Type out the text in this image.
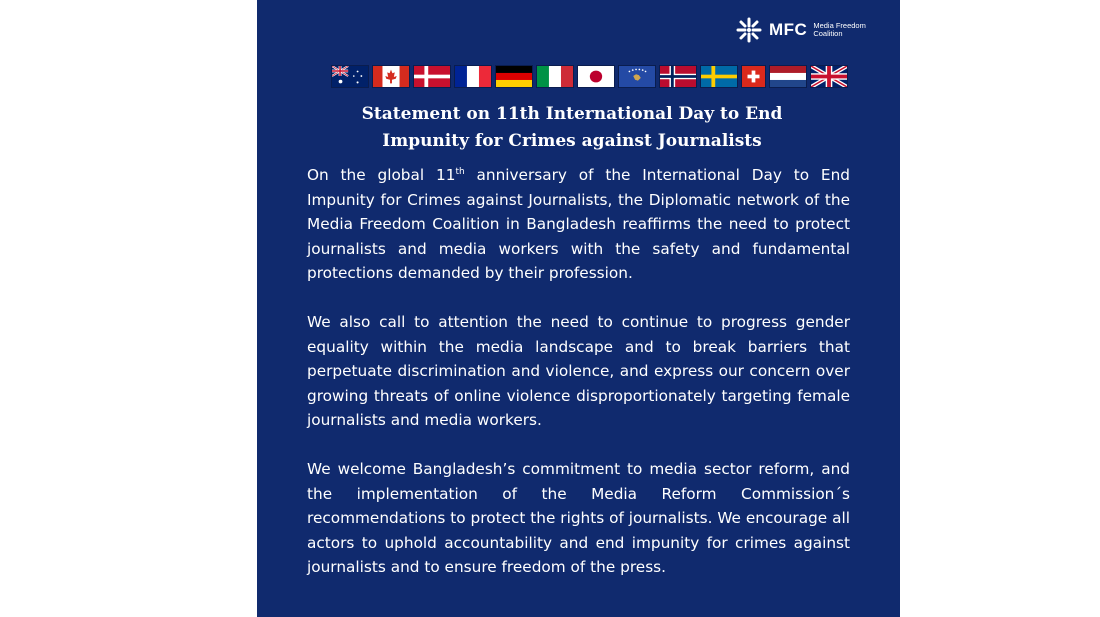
MFC Media Freedom
Coalition
Statement on 11th International Day to End
Impunity for Crimes against Journalists

On the global 11th anniversary of the International Day to End Impunity for Crimes against Journalists, the Diplomatic network of the Media Freedom Coalition in Bangladesh reaffirms the need to protect journalists and media workers with the safety and fundamental protections demanded by their profession.

We also call to attention the need to continue to progress gender equality within the media landscape and to break barriers that perpetuate discrimination and violence, and express our concern over growing threats of online violence disproportionately targeting female journalists and media workers.

We welcome Bangladesh’s commitment to media sector reform, and the implementation of the Media Reform Commission´s recommendations to protect the rights of journalists. We encourage all actors to uphold accountability and end impunity for crimes against journalists and to ensure freedom of the press.
